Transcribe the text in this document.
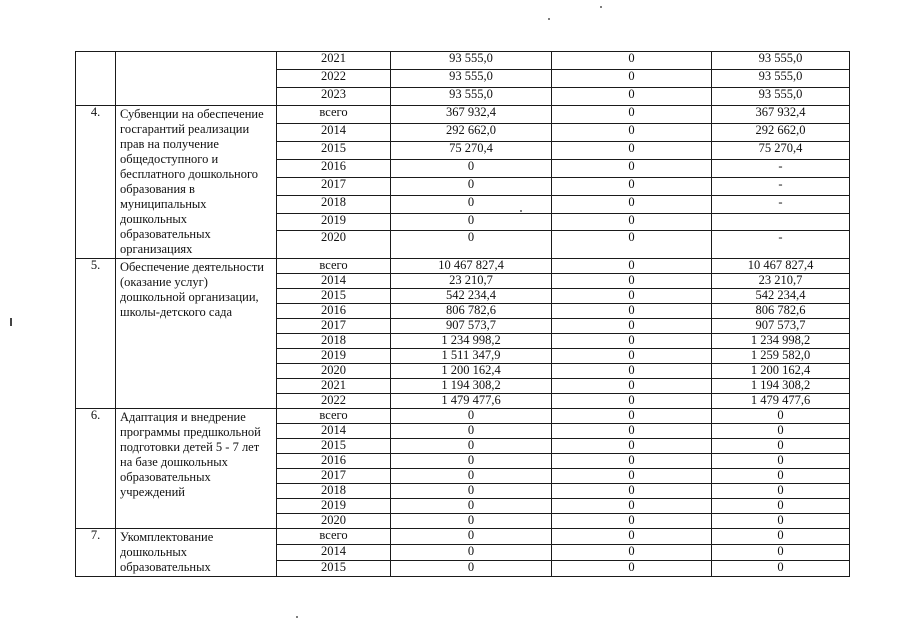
		2021	93 555,0	0	93 555,0
		2022	93 555,0	0	93 555,0
		2023	93 555,0	0	93 555,0
4.	Субвенции на обеспечение госгарантий реализации прав на получение общедоступного и бесплатного дошкольного образования в муниципальных дошкольных образовательных организациях	всего	367 932,4	0	367 932,4
		2014	292 662,0	0	292 662,0
		2015	75 270,4	0	75 270,4
		2016	0	0	-
		2017	0	0	-
		2018	0	0	-
		2019	0	0	
		2020	0	0	-
5.	Обеспечение деятельности (оказание услуг) дошкольной организации, школы-детского сада	всего	10 467 827,4	0	10 467 827,4
		2014	23 210,7	0	23 210,7
		2015	542 234,4	0	542 234,4
		2016	806 782,6	0	806 782,6
		2017	907 573,7	0	907 573,7
		2018	1 234 998,2	0	1 234 998,2
		2019	1 511 347,9	0	1 259 582,0
		2020	1 200 162,4	0	1 200 162,4
		2021	1 194 308,2	0	1 194 308,2
		2022	1 479 477,6	0	1 479 477,6
6.	Адаптация и внедрение программы предшкольной подготовки детей 5 - 7 лет на базе дошкольных образовательных учреждений	всего	0	0	0
		2014	0	0	0
		2015	0	0	0
		2016	0	0	0
		2017	0	0	0
		2018	0	0	0
		2019	0	0	0
		2020	0	0	0
7.	Укомплектование дошкольных образовательных	всего	0	0	0
		2014	0	0	0
		2015	0	0	0
